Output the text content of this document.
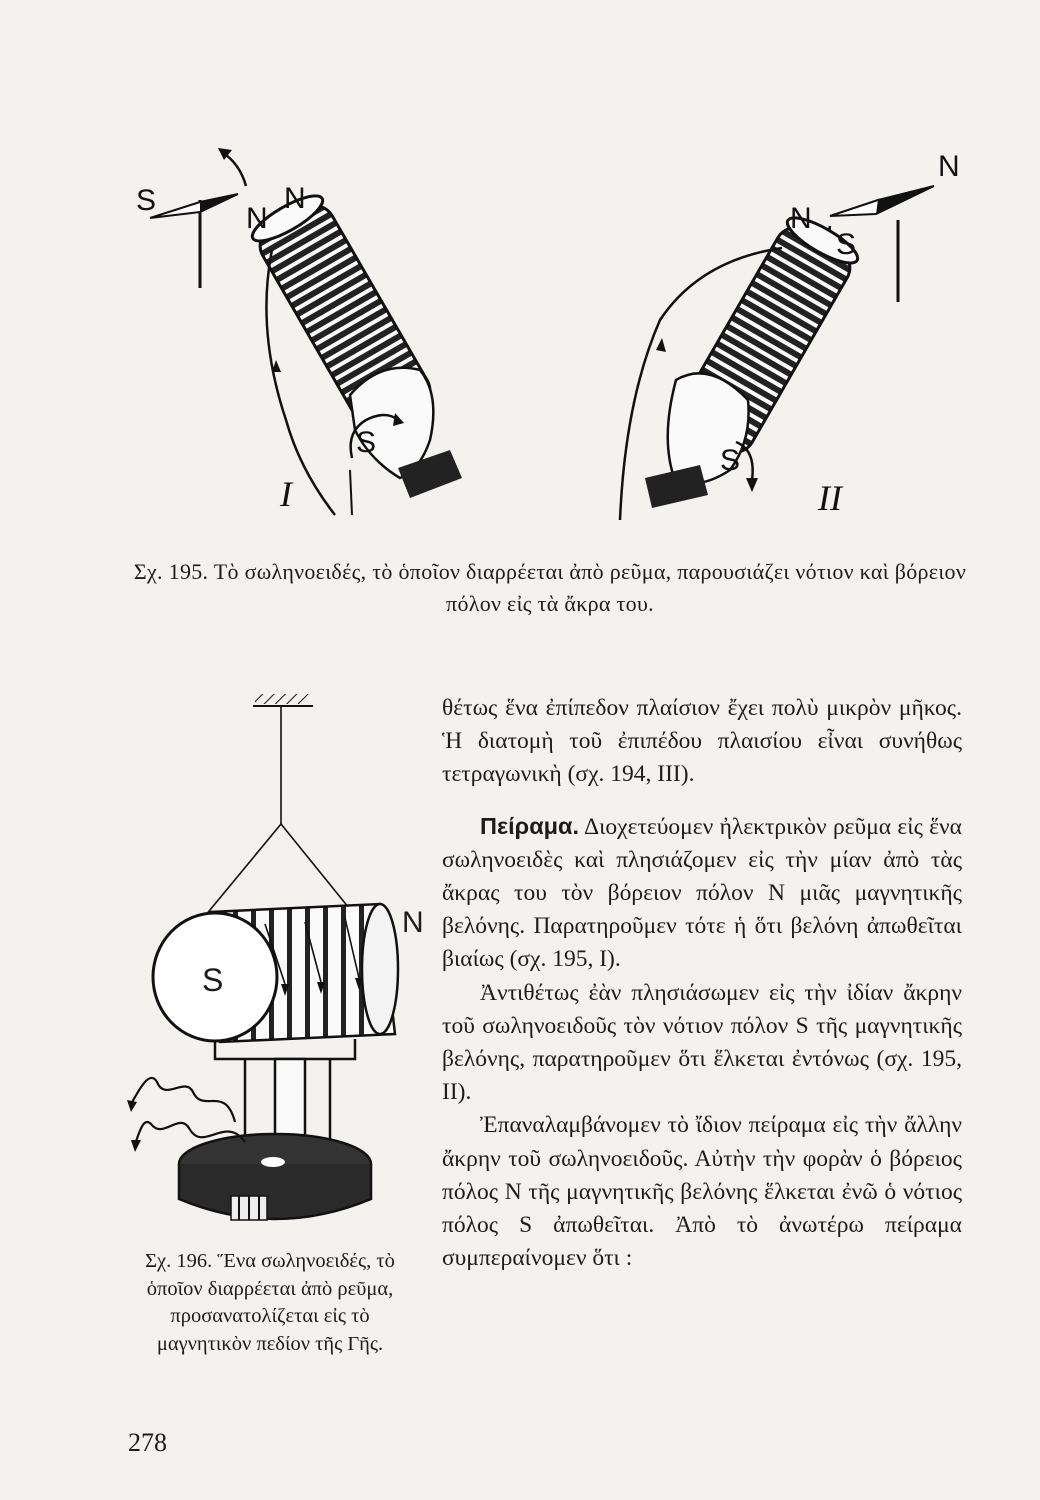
S
N
N
S
I
N
N
S
S
II
Σχ. 195. Τὸ σωληνοειδές, τὸ ὁποῖον διαρρέεται ἀπὸ ρεῦμα, παρουσιάζει νότιον καὶ βόρειον πόλον εἰς τὰ ἄκρα του.
S
N
Σχ. 196. Ἕνα σωληνοειδές, τὸ ὁποῖον διαρρέεται ἀπὸ ρεῦμα, προσανατολίζεται εἰς τὸ μαγνητικὸν πεδίον τῆς Γῆς.

θέτως ἕνα ἐπίπεδον πλαίσιον ἔχει πολὺ μικρὸν μῆκος. Ἡ διατομὴ τοῦ ἐπιπέδου πλαισίου εἶναι συνήθως τετραγωνικὴ (σχ. 194, ΙΙΙ).

Πείραμα. Διοχετεύομεν ἠλεκτρικὸν ρεῦμα εἰς ἕνα σωληνοειδὲς καὶ πλησιάζομεν εἰς τὴν μίαν ἀπὸ τὰς ἄκρας του τὸν βόρειον πόλον Ν μιᾶς μαγνητικῆς βελόνης. Παρατηροῦμεν τότε ἡ ὅτι βελόνη ἀπωθεῖται βιαίως (σχ. 195, Ι).

Ἀντιθέτως ἐὰν πλησιάσωμεν εἰς τὴν ἰδίαν ἄκρην τοῦ σωληνοειδοῦς τὸν νότιον πόλον S τῆς μαγνητικῆς βελόνης, παρατηροῦμεν ὅτι ἕλκεται ἐντόνως (σχ. 195, ΙΙ).

Ἐπαναλαμβάνομεν τὸ ἴδιον πείραμα εἰς τὴν ἄλλην ἄκρην τοῦ σωληνοειδοῦς. Αὐτὴν τὴν φορὰν ὁ βόρειος πόλος Ν τῆς μαγνητικῆς βελόνης ἕλκεται ἐνῶ ὁ νότιος πόλος S ἀπωθεῖται. Ἀπὸ τὸ ἀνωτέρω πείραμα συμπεραίνομεν ὅτι :

278
